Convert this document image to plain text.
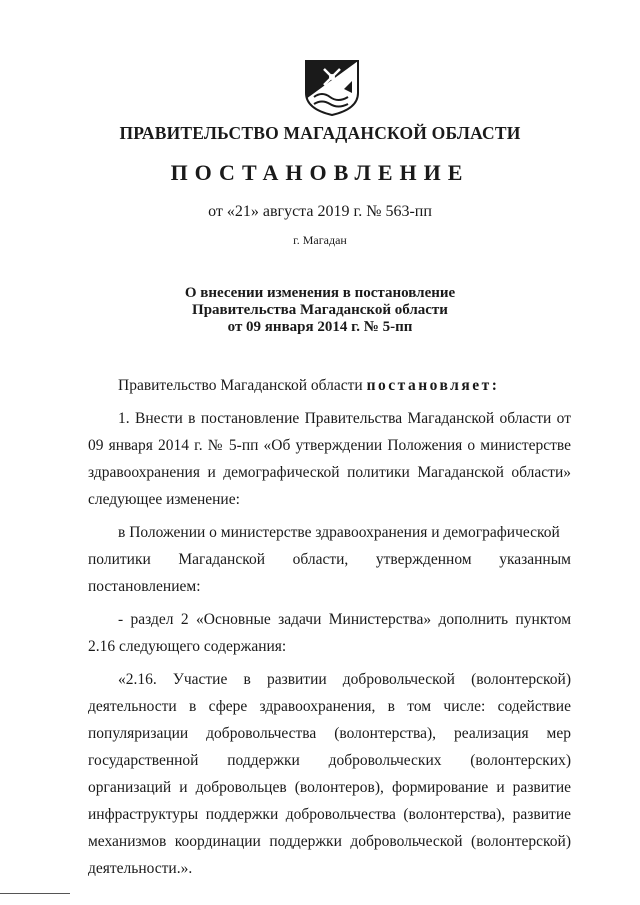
ПРАВИТЕЛЬСТВО МАГАДАНСКОЙ ОБЛАСТИ
ПОСТАНОВЛЕНИЕ
от «21» августа 2019 г. № 563-пп
г. Магадан
О внесении изменения в постановление
Правительства Магаданской области
от 09 января 2014 г. № 5-пп

Правительство Магаданской области постановляет:

1. Внести в постановление Правительства Магаданской области от 09 января 2014 г. № 5-пп «Об утверждении Положения о министерстве здравоохранения и демографической политики Магаданской области» следующее изменение:

в Положении о министерстве здравоохранения и демографической

политики Магаданской области, утвержденном указанным

постановлением:

- раздел 2 «Основные задачи Министерства» дополнить пунктом 2.16 следующего содержания:

«2.16. Участие в развитии добровольческой (волонтерской) деятельности в сфере здравоохранения, в том числе: содействие популяризации добровольчества (волонтерства), реализация мер государственной поддержки добровольческих (волонтерских) организаций и добровольцев (волонтеров), формирование и развитие инфраструктуры поддержки добровольчества (волонтерства), развитие механизмов координации поддержки добровольческой (волонтерской) деятельности.».
